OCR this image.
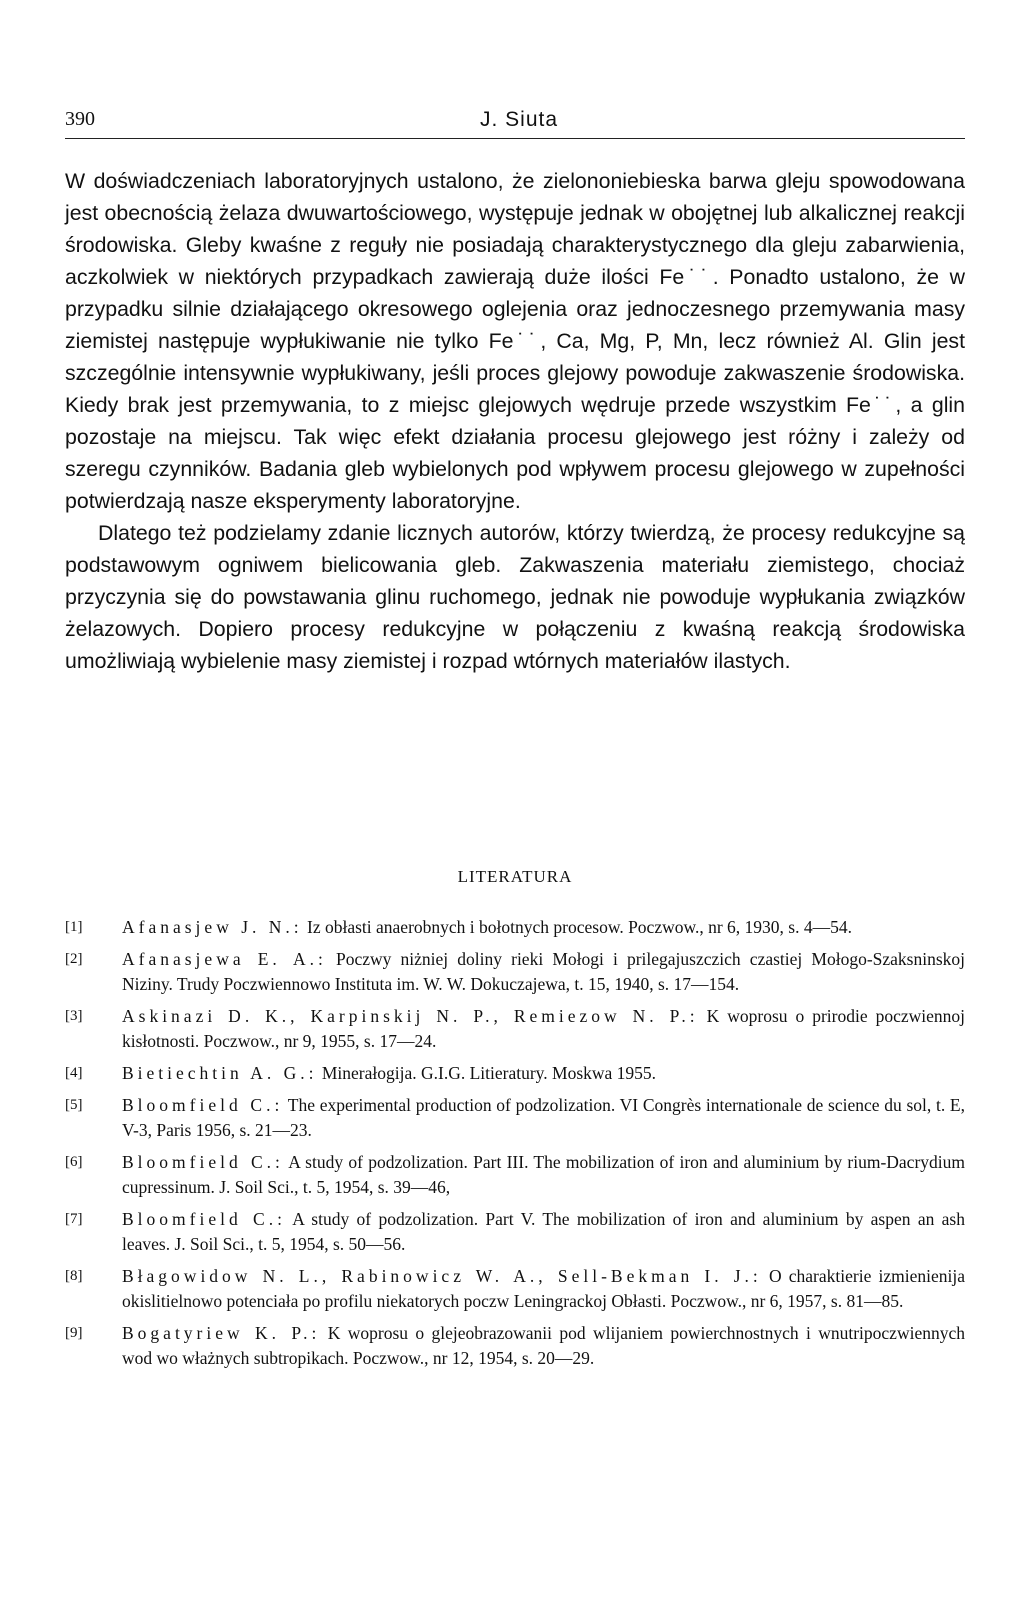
390	J. Siuta

W doświadczeniach laboratoryjnych ustalono, że zielononiebieska barwa gleju spowodowana jest obecnością żelaza dwuwartościowego, występuje jednak w obojętnej lub alkalicznej reakcji środowiska. Gleby kwaśne z reguły nie posiadają charakterystycznego dla gleju zabarwienia, aczkolwiek w niektórych przypadkach zawierają duże ilości Fe˙˙. Ponadto ustalono, że w przypadku silnie działającego okresowego oglejenia oraz jednoczesnego przemywania masy ziemistej następuje wypłukiwanie nie tylko Fe˙˙, Ca, Mg, P, Mn, lecz również Al. Glin jest szczególnie intensywnie wypłukiwany, jeśli proces glejowy powoduje zakwaszenie środowiska. Kiedy brak jest przemywania, to z miejsc glejowych wędruje przede wszystkim Fe˙˙, a glin pozostaje na miejscu. Tak więc efekt działania procesu glejowego jest różny i zależy od szeregu czynników. Badania gleb wybielonych pod wpływem procesu glejowego w zupełności potwierdzają nasze eksperymenty laboratoryjne.

Dlatego też podzielamy zdanie licznych autorów, którzy twierdzą, że procesy redukcyjne są podstawowym ogniwem bielicowania gleb. Zakwaszenia materiału ziemistego, chociaż przyczynia się do powstawania glinu ruchomego, jednak nie powoduje wypłukania związków żelazowych. Dopiero procesy redukcyjne w połączeniu z kwaśną reakcją środowiska umożliwiają wybielenie masy ziemistej i rozpad wtórnych materiałów ilastych.

LITERATURA
[1] Afanasjew J. N.: Iz obłasti anaerobnych i bołotnych procesow. Poczwow., nr 6, 1930, s. 4—54.
[2] Afanasjewa E. A.: Poczwy niżniej doliny rieki Mołogi i prilegajuszczich czastiej Mołogo-Szaksninskoj Niziny. Trudy Poczwiennowo Instituta im. W. W. Dokuczajewa, t. 15, 1940, s. 17—154.
[3] Askinazi D. K., Karpinskij N. P., Remiezow N. P.: K woprosu o prirodie poczwiennoj kisłotnosti. Poczwow., nr 9, 1955, s. 17—24.
[4] Bietiechtin A. G.: Minerałogija. G.I.G. Litieratury. Moskwa 1955.
[5] Bloomfield C.: The experimental production of podzolization. VI Congrès internationale de science du sol, t. E, V-3, Paris 1956, s. 21—23.
[6] Bloomfield C.: A study of podzolization. Part III. The mobilization of iron and aluminium by rium-Dacrydium cupressinum. J. Soil Sci., t. 5, 1954, s. 39—46,
[7] Bloomfield C.: A study of podzolization. Part V. The mobilization of iron and aluminium by aspen an ash leaves. J. Soil Sci., t. 5, 1954, s. 50—56.
[8] Błagowidow N. L., Rabinowicz W. A., Sell-Bekman I. J.: O charaktierie izmienienija okislitielnowo potenciała po profilu niekatorych poczw Leningrackoj Obłasti. Poczwow., nr 6, 1957, s. 81—85.
[9] Bogatyriew K. P.: K woprosu o glejeobrazowanii pod wlijaniem powierchnostnych i wnutripoczwiennych wod wo włażnych subtropikach. Poczwow., nr 12, 1954, s. 20—29.
